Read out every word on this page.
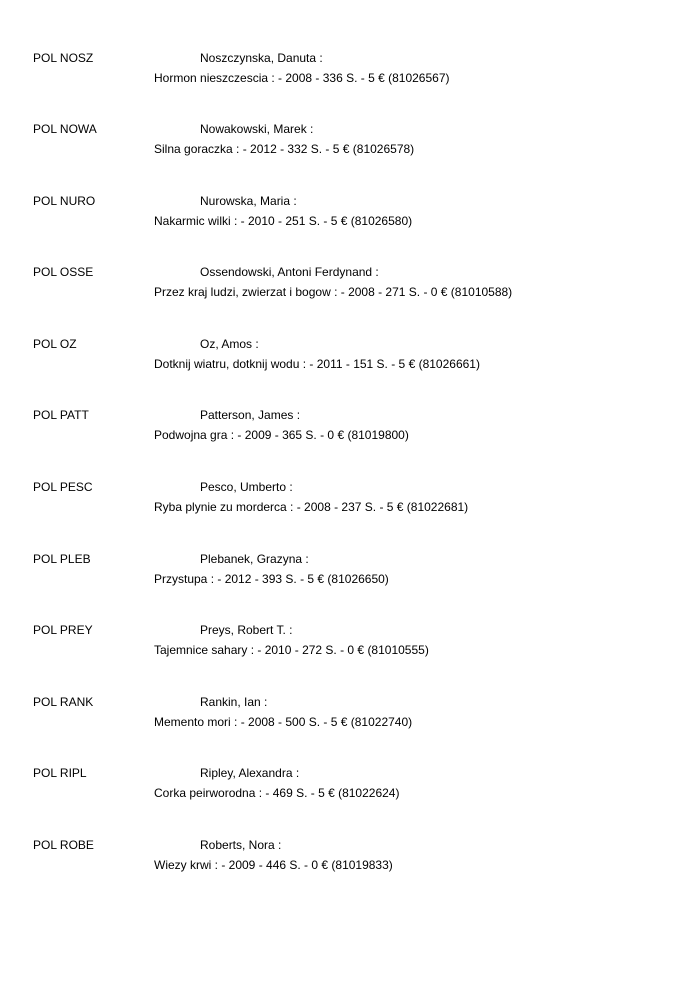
POL NOSZ	Noszczynska, Danuta :
Hormon nieszczescia : - 2008 - 336 S. - 5 € (81026567)
POL NOWA	Nowakowski, Marek :
Silna goraczka : - 2012 - 332 S. - 5 € (81026578)
POL NURO	Nurowska, Maria :
Nakarmic wilki : - 2010 - 251 S. - 5 € (81026580)
POL OSSE	Ossendowski, Antoni Ferdynand :
Przez kraj ludzi, zwierzat i bogow : - 2008 - 271 S. - 0 € (81010588)
POL OZ	Oz, Amos :
Dotknij wiatru, dotknij wodu : - 2011 - 151 S. - 5 € (81026661)
POL PATT	Patterson, James :
Podwojna gra : - 2009 - 365 S. - 0 € (81019800)
POL PESC	Pesco, Umberto :
Ryba plynie zu morderca : - 2008 - 237 S. - 5 € (81022681)
POL PLEB	Plebanek, Grazyna :
Przystupa : - 2012 - 393 S. - 5 € (81026650)
POL PREY	Preys, Robert T. :
Tajemnice sahary : - 2010 - 272 S. - 0 € (81010555)
POL RANK	Rankin, Ian :
Memento mori : - 2008 - 500 S. - 5 € (81022740)
POL RIPL	Ripley, Alexandra :
Corka peirworodna : - 469 S. - 5 € (81022624)
POL ROBE	Roberts, Nora :
Wiezy krwi : - 2009 - 446 S. - 0 € (81019833)
